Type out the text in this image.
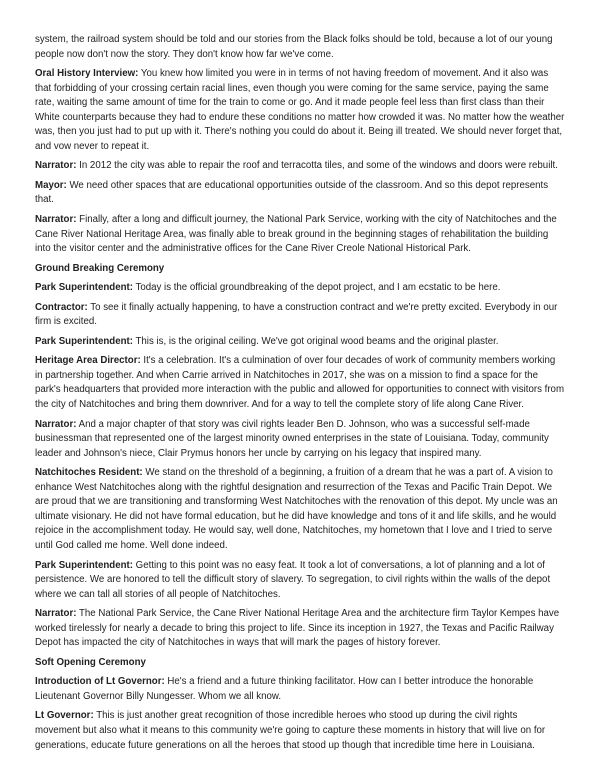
system, the railroad system should be told and our stories from the Black folks should be told, because a lot of our young people now don't now the story. They don't know how far we've come.

Oral History Interview: You knew how limited you were in in terms of not having freedom of movement. And it also was that forbidding of your crossing certain racial lines, even though you were coming for the same service, paying the same rate, waiting the same amount of time for the train to come or go. And it made people feel less than first class than their White counterparts because they had to endure these conditions no matter how crowded it was. No matter how the weather was, then you just had to put up with it. There's nothing you could do about it. Being ill treated. We should never forget that, and vow never to repeat it.

Narrator: In 2012 the city was able to repair the roof and terracotta tiles, and some of the windows and doors were rebuilt.

Mayor: We need other spaces that are educational opportunities outside of the classroom. And so this depot represents that.

Narrator: Finally, after a long and difficult journey, the National Park Service, working with the city of Natchitoches and the Cane River National Heritage Area, was finally able to break ground in the beginning stages of rehabilitation the building into the visitor center and the administrative offices for the Cane River Creole National Historical Park.

Ground Breaking Ceremony

Park Superintendent: Today is the official groundbreaking of the depot project, and I am ecstatic to be here.

Contractor: To see it finally actually happening, to have a construction contract and we're pretty excited. Everybody in our firm is excited.

Park Superintendent: This is, is the original ceiling. We've got original wood beams and the original plaster.

Heritage Area Director: It's a celebration. It's a culmination of over four decades of work of community members working in partnership together. And when Carrie arrived in Natchitoches in 2017, she was on a mission to find a space for the park's headquarters that provided more interaction with the public and allowed for opportunities to connect with visitors from the city of Natchitoches and bring them downriver. And for a way to tell the complete story of life along Cane River.

Narrator: And a major chapter of that story was civil rights leader Ben D. Johnson, who was a successful self-made businessman that represented one of the largest minority owned enterprises in the state of Louisiana. Today, community leader and Johnson's niece, Clair Prymus honors her uncle by carrying on his legacy that inspired many.

Natchitoches Resident: We stand on the threshold of a beginning, a fruition of a dream that he was a part of. A vision to enhance West Natchitoches along with the rightful designation and resurrection of the Texas and Pacific Train Depot. We are proud that we are transitioning and transforming West Natchitoches with the renovation of this depot. My uncle was an ultimate visionary. He did not have formal education, but he did have knowledge and tons of it and life skills, and he would rejoice in the accomplishment today. He would say, well done, Natchitoches, my hometown that I love and I tried to serve until God called me home. Well done indeed.

Park Superintendent: Getting to this point was no easy feat. It took a lot of conversations, a lot of planning and a lot of persistence. We are honored to tell the difficult story of slavery. To segregation, to civil rights within the walls of the depot where we can tall all stories of all people of Natchitoches.

Narrator: The National Park Service, the Cane River National Heritage Area and the architecture firm Taylor Kempes have worked tirelessly for nearly a decade to bring this project to life. Since its inception in 1927, the Texas and Pacific Railway Depot has impacted the city of Natchitoches in ways that will mark the pages of history forever.

Soft Opening Ceremony

Introduction of Lt Governor: He's a friend and a future thinking facilitator. How can I better introduce the honorable Lieutenant Governor Billy Nungesser. Whom we all know.

Lt Governor: This is just another great recognition of those incredible heroes who stood up during the civil rights movement but also what it means to this community we're going to capture these moments in history that will live on for generations, educate future generations on all the heroes that stood up though that incredible time here in Louisiana.
